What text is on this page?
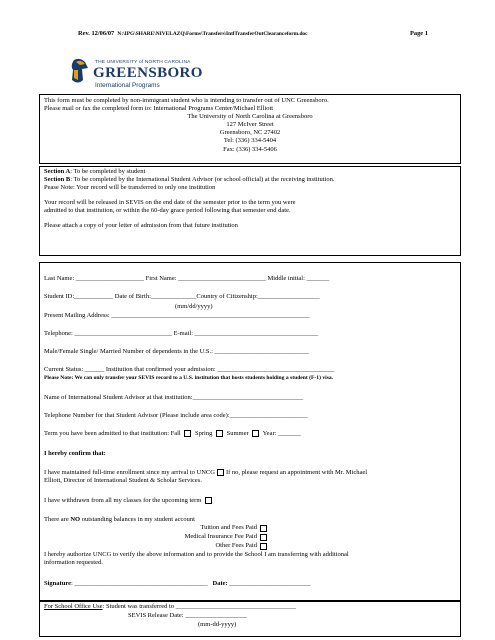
Rev. 12/06/07 N:\IPG\SHARE\NIVELAZQ\Forms\Transfers\IntlTransferOutClearanceform.doc	Page 1
THE UNIVERSITY of NORTH CAROLINA
GREENSBORO
International Programs
This form must be completed by non-immigrant student who is intending to transfer out of UNC Greensboro.
Please mail or fax the completed form to: International Programs Center/Michael Elliott
The University of North Carolina at Greensboro
127 McIver Street
Greensboro, NC 27402
Tel: (336) 334-5404
Fax: (336) 334-5406
Section A: To be completed by student
Section B: To be completed by the International Student Advisor (or school official) at the receiving institution.
Pease Note: Your record will be transferred to only one institution
Your record will be released in SEVIS on the end date of the semester prior to the term you were
admitted to that institution, or within the 60-day grace period following that semester end date.
Please attach a copy of your letter of admission from that future institution
Last Name: _____________________ First Name: ___________________________ Middle initial: _______
Student ID:____________ Date of Birth:______________Country of Citizenship:___________________
(mm/dd/yyyy)
Present Mailing Address: _____________________________________________________________
Telephone: ______________________________ E-mail: ______________________________________
Male/Female Single/ Married Number of dependents in the U.S.: _____________________________
Current Status: ______ Institution that confirmed your admission: ____________________________________
Please Note: We can only transfer your SEVIS record to a U.S. institution that hosts students holding a student (F-1) visa.
Name of International Student Advisor at that institution:__________________________________
Telephone Number for that Student Advisor (Please include area code):________________________
Term you have been admitted to that institution: Fall Spring Summer Year: _______
I hereby confirm that:
I have maintained full-time enrollment since my arrival to UNCG If no, please request an appointment with Mr. Michael
Elliott, Director of International Student & Scholar Services.
I have withdrawn from all my classes for the upcoming term
There are NO outstanding balances in my student account
Tuition and Fees Paid
Medical Insurance Fee Paid
Other Fees Paid
I hereby authorize UNCG to verify the above information and to provide the School I am transferring with additional
information requested.
Signature: _________________________________________ Date: _________________________
For School Office Use: Student was transferred to _____________________________________
SEVIS Release Date: ___________________
(mm-dd-yyyy)
